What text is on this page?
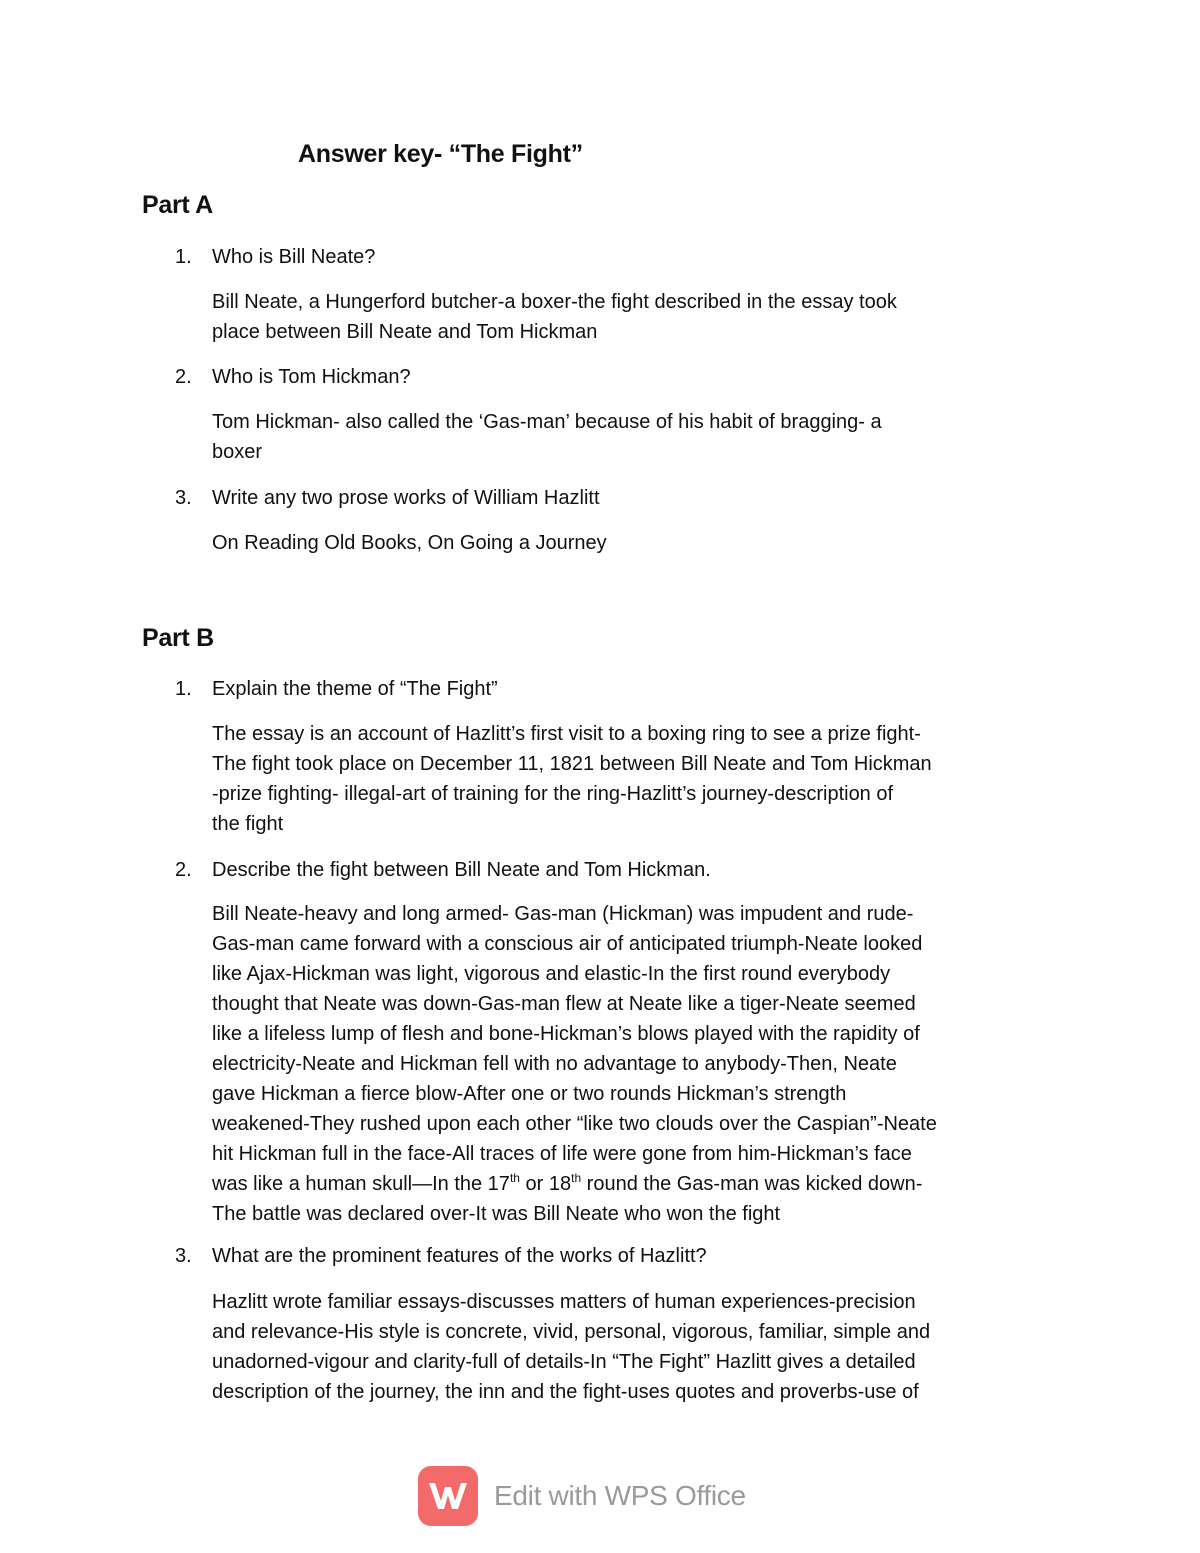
Answer key- “The Fight”
Part A
1. Who is Bill Neate?
Bill Neate, a Hungerford butcher-a boxer-the fight described in the essay took
place between Bill Neate and Tom Hickman
2. Who is Tom Hickman?
Tom Hickman- also called the ‘Gas-man’ because of his habit of bragging- a
boxer
3. Write any two prose works of William Hazlitt
On Reading Old Books, On Going a Journey
Part B
1. Explain the theme of “The Fight”
The essay is an account of Hazlitt’s first visit to a boxing ring to see a prize fight-
The fight took place on December 11, 1821 between Bill Neate and Tom Hickman
-prize fighting- illegal-art of training for the ring-Hazlitt’s journey-description of
the fight
2. Describe the fight between Bill Neate and Tom Hickman.
Bill Neate-heavy and long armed- Gas-man (Hickman) was impudent and rude-
Gas-man came forward with a conscious air of anticipated triumph-Neate looked
like Ajax-Hickman was light, vigorous and elastic-In the first round everybody
thought that Neate was down-Gas-man flew at Neate like a tiger-Neate seemed
like a lifeless lump of flesh and bone-Hickman’s blows played with the rapidity of
electricity-Neate and Hickman fell with no advantage to anybody-Then, Neate
gave Hickman a fierce blow-After one or two rounds Hickman’s strength
weakened-They rushed upon each other “like two clouds over the Caspian”-Neate
hit Hickman full in the face-All traces of life were gone from him-Hickman’s face
was like a human skull—In the 17th or 18th round the Gas-man was kicked down-
The battle was declared over-It was Bill Neate who won the fight
3. What are the prominent features of the works of Hazlitt?
Hazlitt wrote familiar essays-discusses matters of human experiences-precision
and relevance-His style is concrete, vivid, personal, vigorous, familiar, simple and
unadorned-vigour and clarity-full of details-In “The Fight” Hazlitt gives a detailed
description of the journey, the inn and the fight-uses quotes and proverbs-use of
Edit with WPS Office
